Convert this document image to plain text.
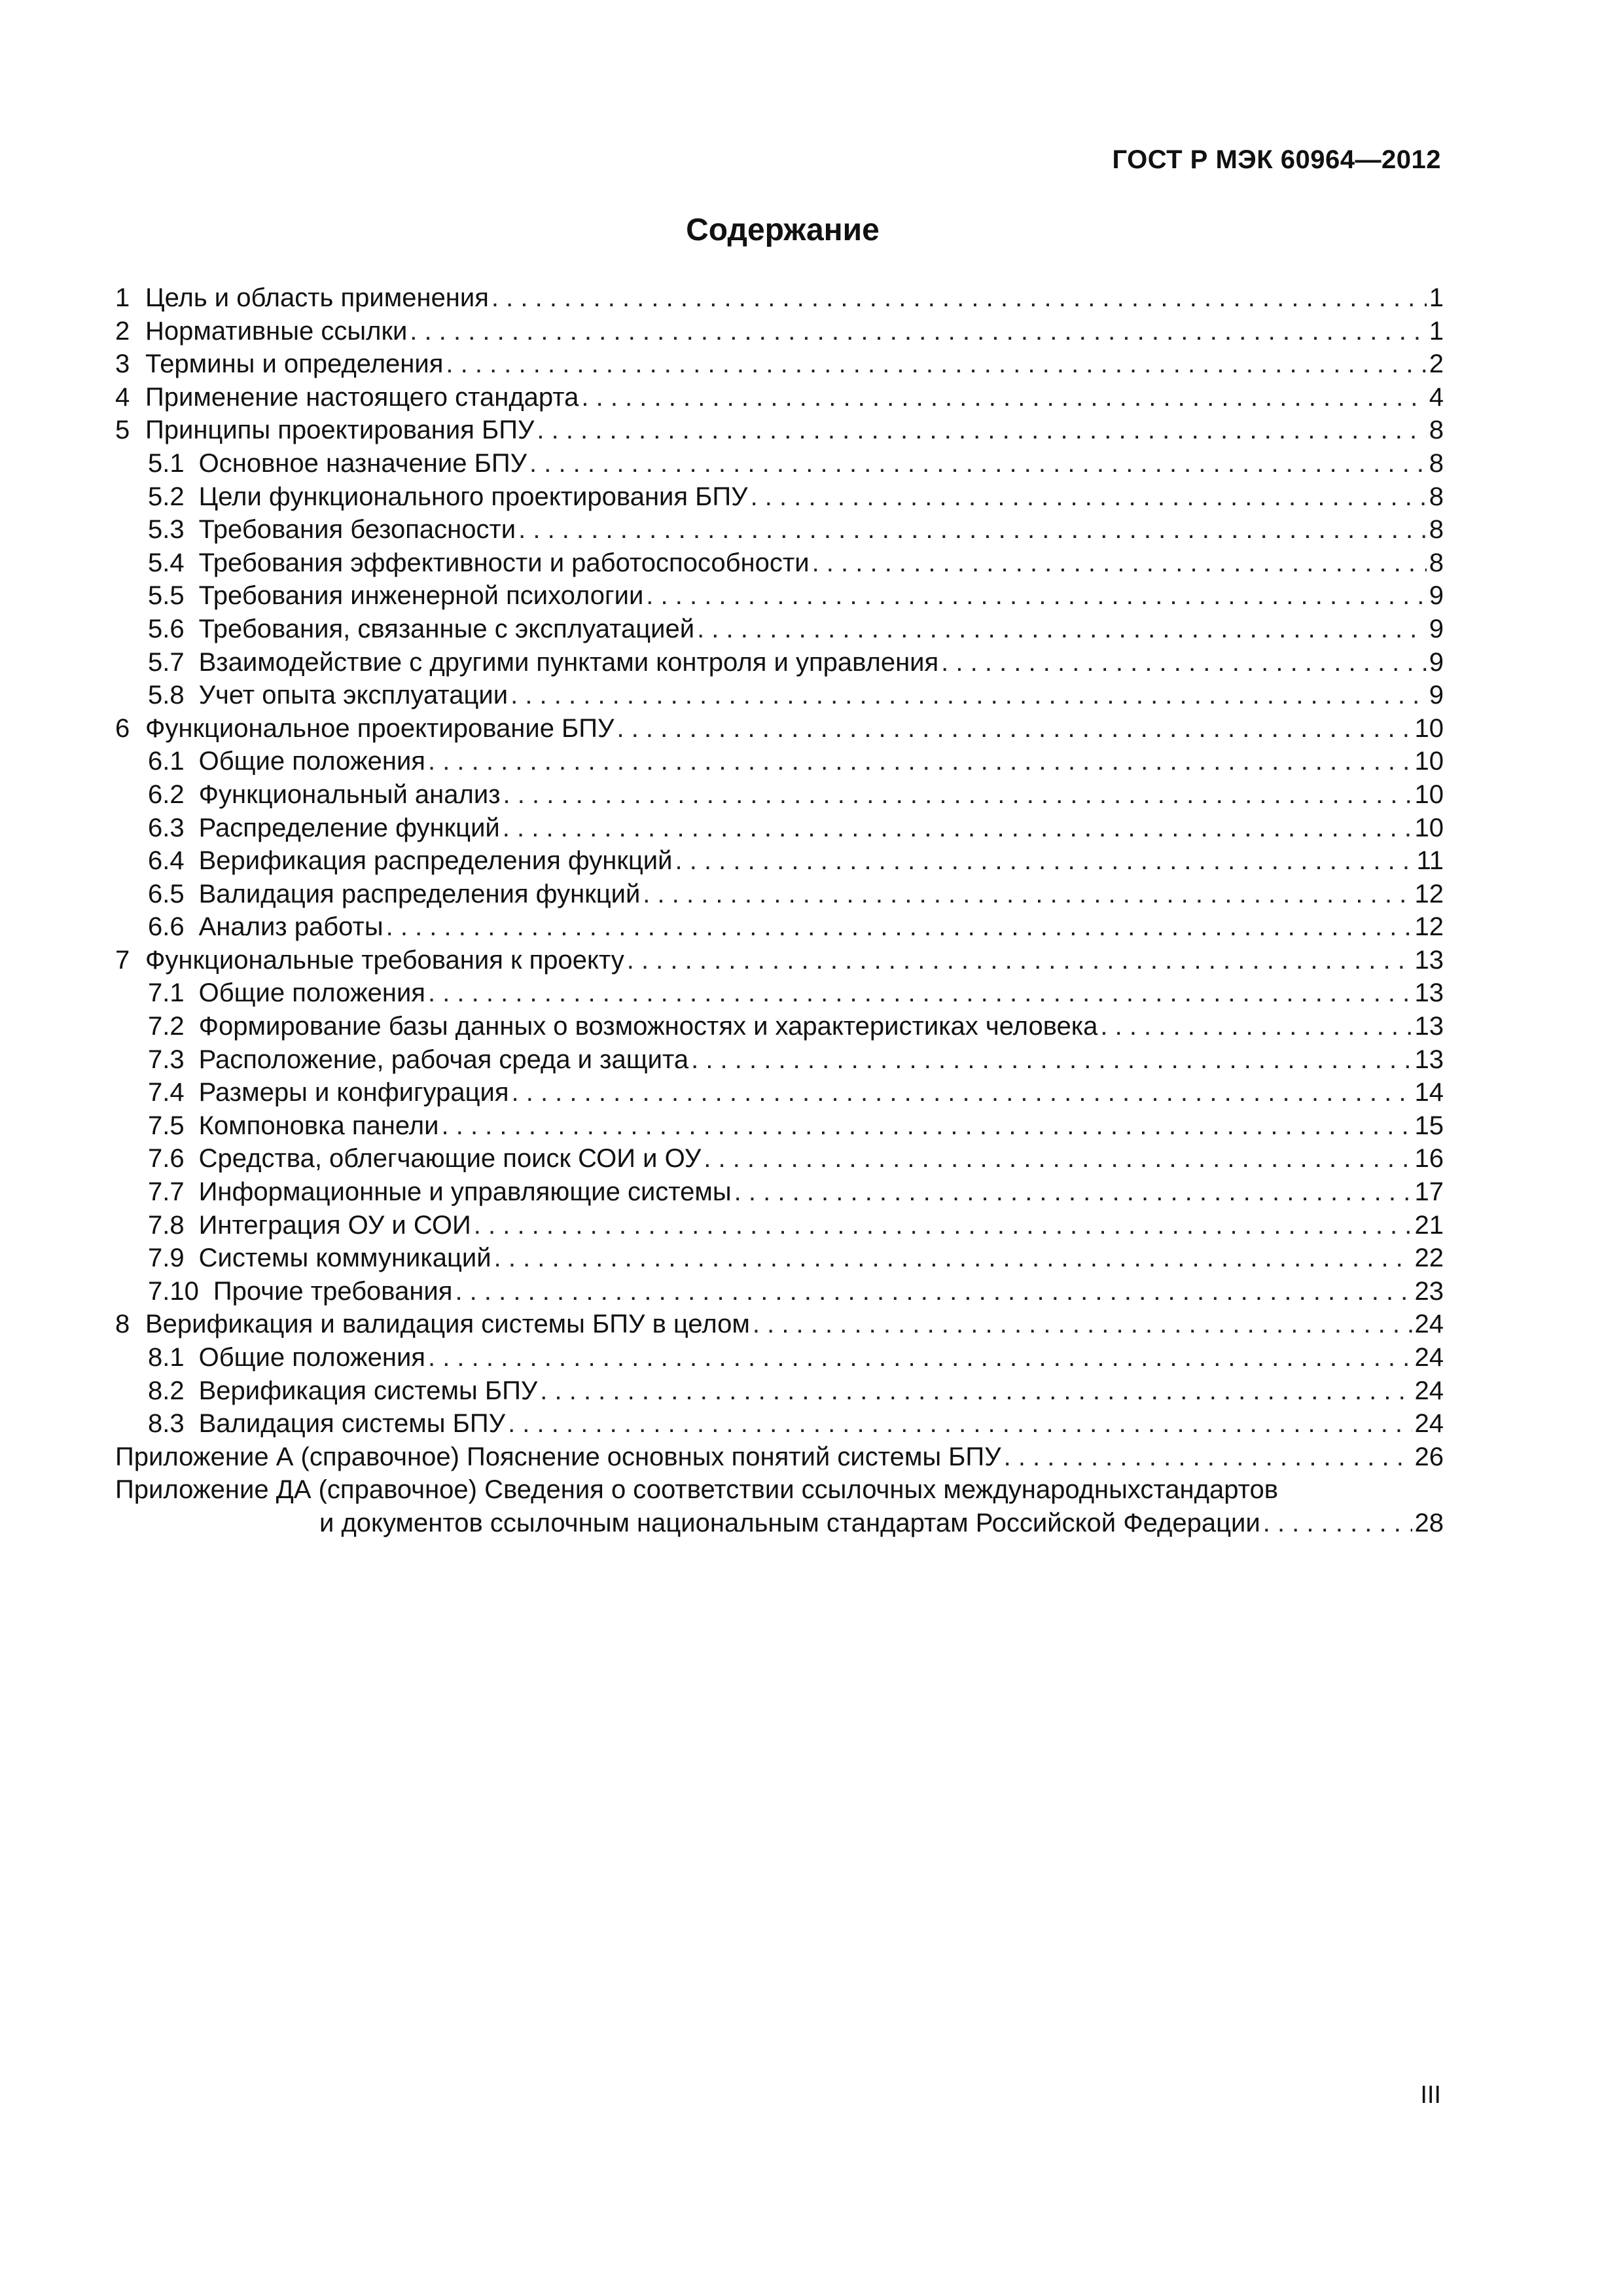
ГОСТ Р МЭК 60964—2012
Содержание
1 Цель и область применения . . .	1
2 Нормативные ссылки . . .	1
3 Термины и определения . . .	2
4 Применение настоящего стандарта . . .	4
5 Принципы проектирования БПУ . . .	8
5.1 Основное назначение БПУ . . .	8
5.2 Цели функционального проектирования БПУ . . .	8
5.3 Требования безопасности . . .	8
5.4 Требования эффективности и работоспособности . . .	8
5.5 Требования инженерной психологии . . .	9
5.6 Требования, связанные с эксплуатацией . . .	9
5.7 Взаимодействие с другими пунктами контроля и управления . . .	9
5.8 Учет опыта эксплуатации . . .	9
6 Функциональное проектирование БПУ . . .	10
6.1 Общие положения . . .	10
6.2 Функциональный анализ . . .	10
6.3 Распределение функций . . .	10
6.4 Верификация распределения функций . . .	11
6.5 Валидация распределения функций . . .	12
6.6 Анализ работы . . .	12
7 Функциональные требования к проекту . . .	13
7.1 Общие положения . . .	13
7.2 Формирование базы данных о возможностях и характеристиках человека . . .	13
7.3 Расположение, рабочая среда и защита . . .	13
7.4 Размеры и конфигурация . . .	14
7.5 Компоновка панели . . .	15
7.6 Средства, облегчающие поиск СОИ и ОУ . . .	16
7.7 Информационные и управляющие системы . . .	17
7.8 Интеграция ОУ и СОИ . . .	21
7.9 Системы коммуникаций . . .	22
7.10 Прочие требования . . .	23
8 Верификация и валидация системы БПУ в целом . . .	24
8.1 Общие положения . . .	24
8.2 Верификация системы БПУ . . .	24
8.3 Валидация системы БПУ . . .	24
Приложение А (справочное) Пояснение основных понятий системы БПУ . . .	26
Приложение ДА (справочное) Сведения о соответствии ссылочных международныхстандартов
и документов ссылочным национальным стандартам Российской Федерации . . .	28
III
